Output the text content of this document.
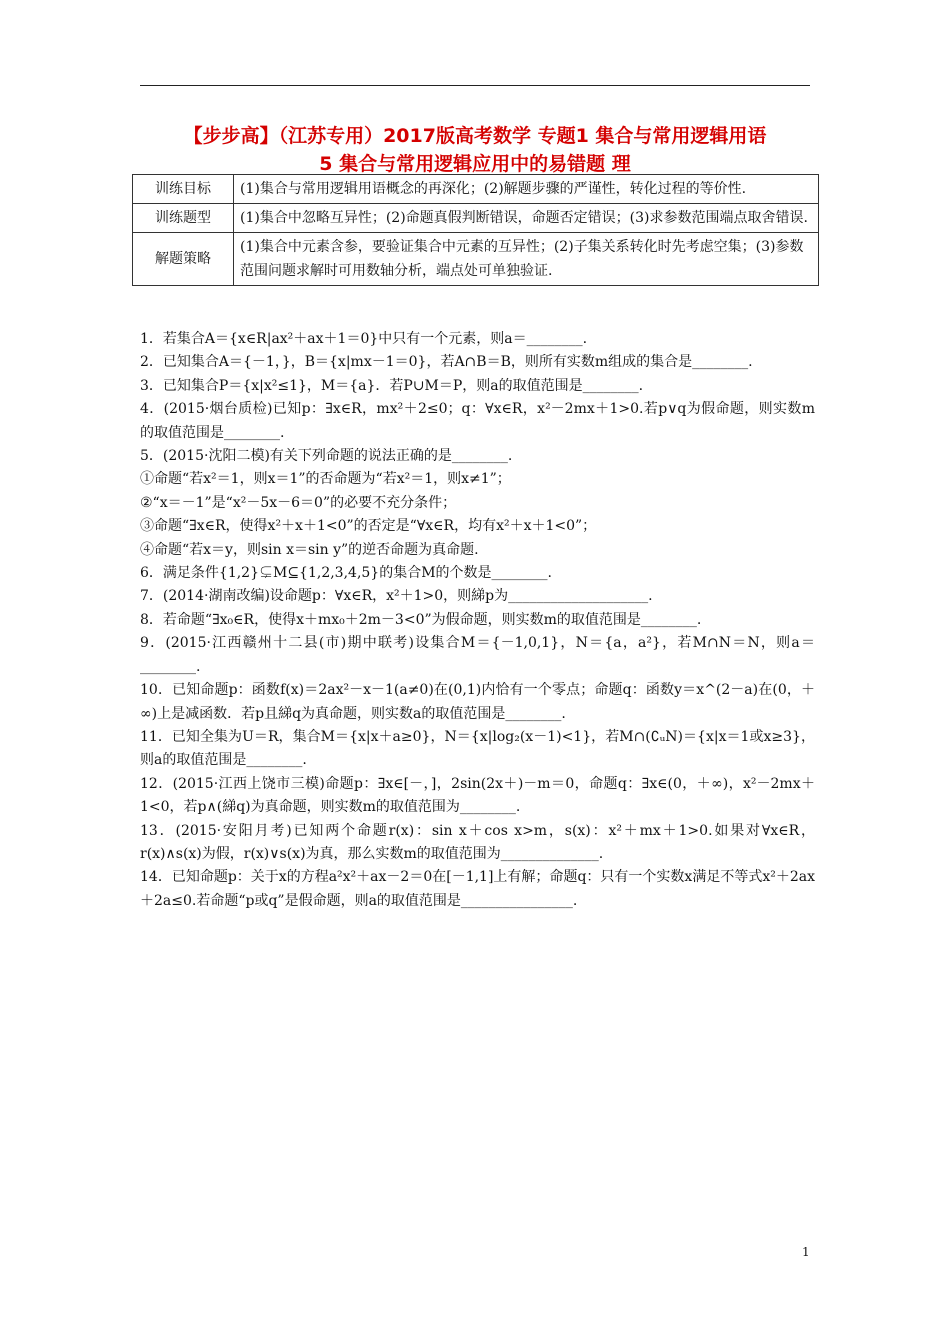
【步步高】（江苏专用）2017版高考数学 专题1 集合与常用逻辑用语
5 集合与常用逻辑应用中的易错题 理
训练目标	(1)集合与常用逻辑用语概念的再深化；(2)解题步骤的严谨性，转化过程的等价性.
训练题型	(1)集合中忽略互异性；(2)命题真假判断错误，命题否定错误；(3)求参数范围端点取舍错误.
解题策略	(1)集合中元素含参，要验证集合中元素的互异性；(2)子集关系转化时先考虑空集；(3)参数范围问题求解时可用数轴分析，端点处可单独验证.

1．若集合A＝{x∈R|ax²＋ax＋1＝0}中只有一个元素，则a＝________.

2．已知集合A＝{－1，}，B＝{x|mx－1＝0}，若A∩B＝B，则所有实数m组成的集合是________.

3．已知集合P＝{x|x²≤1}，M＝{a}．若P∪M＝P，则a的取值范围是________.

4．(2015·烟台质检)已知p：∃x∈R，mx²＋2≤0；q：∀x∈R，x²－2mx＋1>0.若p∨q为假命题，则实数m的取值范围是________.

5．(2015·沈阳二模)有关下列命题的说法正确的是________.

①命题“若x²＝1，则x＝1”的否命题为“若x²＝1，则x≠1”；

②“x＝－1”是“x²－5x－6＝0”的必要不充分条件；

③命题“∃x∈R，使得x²＋x＋1<0”的否定是“∀x∈R，均有x²＋x＋1<0”；

④命题“若x＝y，则sin x＝sin y”的逆否命题为真命题.

6．满足条件{1,2}⊊M⊆{1,2,3,4,5}的集合M的个数是________.

7．(2014·湖南改编)设命题p：∀x∈R，x²＋1>0，则綈p为____________________.

8．若命题“∃x₀∈R，使得x＋mx₀＋2m－3<0”为假命题，则实数m的取值范围是________.

9．(2015·江西赣州十二县(市)期中联考)设集合M＝{－1,0,1}，N＝{a，a²}，若M∩N＝N，则a＝________.

10．已知命题p：函数f(x)＝2ax²－x－1(a≠0)在(0,1)内恰有一个零点；命题q：函数y＝x^(2－a)在(0，＋∞)上是减函数．若p且綈q为真命题，则实数a的取值范围是________.

11．已知全集为U＝R，集合M＝{x|x＋a≥0}，N＝{x|log₂(x－1)<1}，若M∩(∁ᵤN)＝{x|x＝1或x≥3}，则a的取值范围是________.

12．(2015·江西上饶市三模)命题p：∃x∈[－，]，2sin(2x＋)－m＝0，命题q：∃x∈(0，＋∞)，x²－2mx＋1<0，若p∧(綈q)为真命题，则实数m的取值范围为________.

13．(2015·安阳月考)已知两个命题r(x)：sin x＋cos x>m，s(x)：x²＋mx＋1>0.如果对∀x∈R，r(x)∧s(x)为假，r(x)∨s(x)为真，那么实数m的取值范围为______________.

14．已知命题p：关于x的方程a²x²＋ax－2＝0在[－1,1]上有解；命题q：只有一个实数x满足不等式x²＋2ax＋2a≤0.若命题“p或q”是假命题，则a的取值范围是________________.

1
